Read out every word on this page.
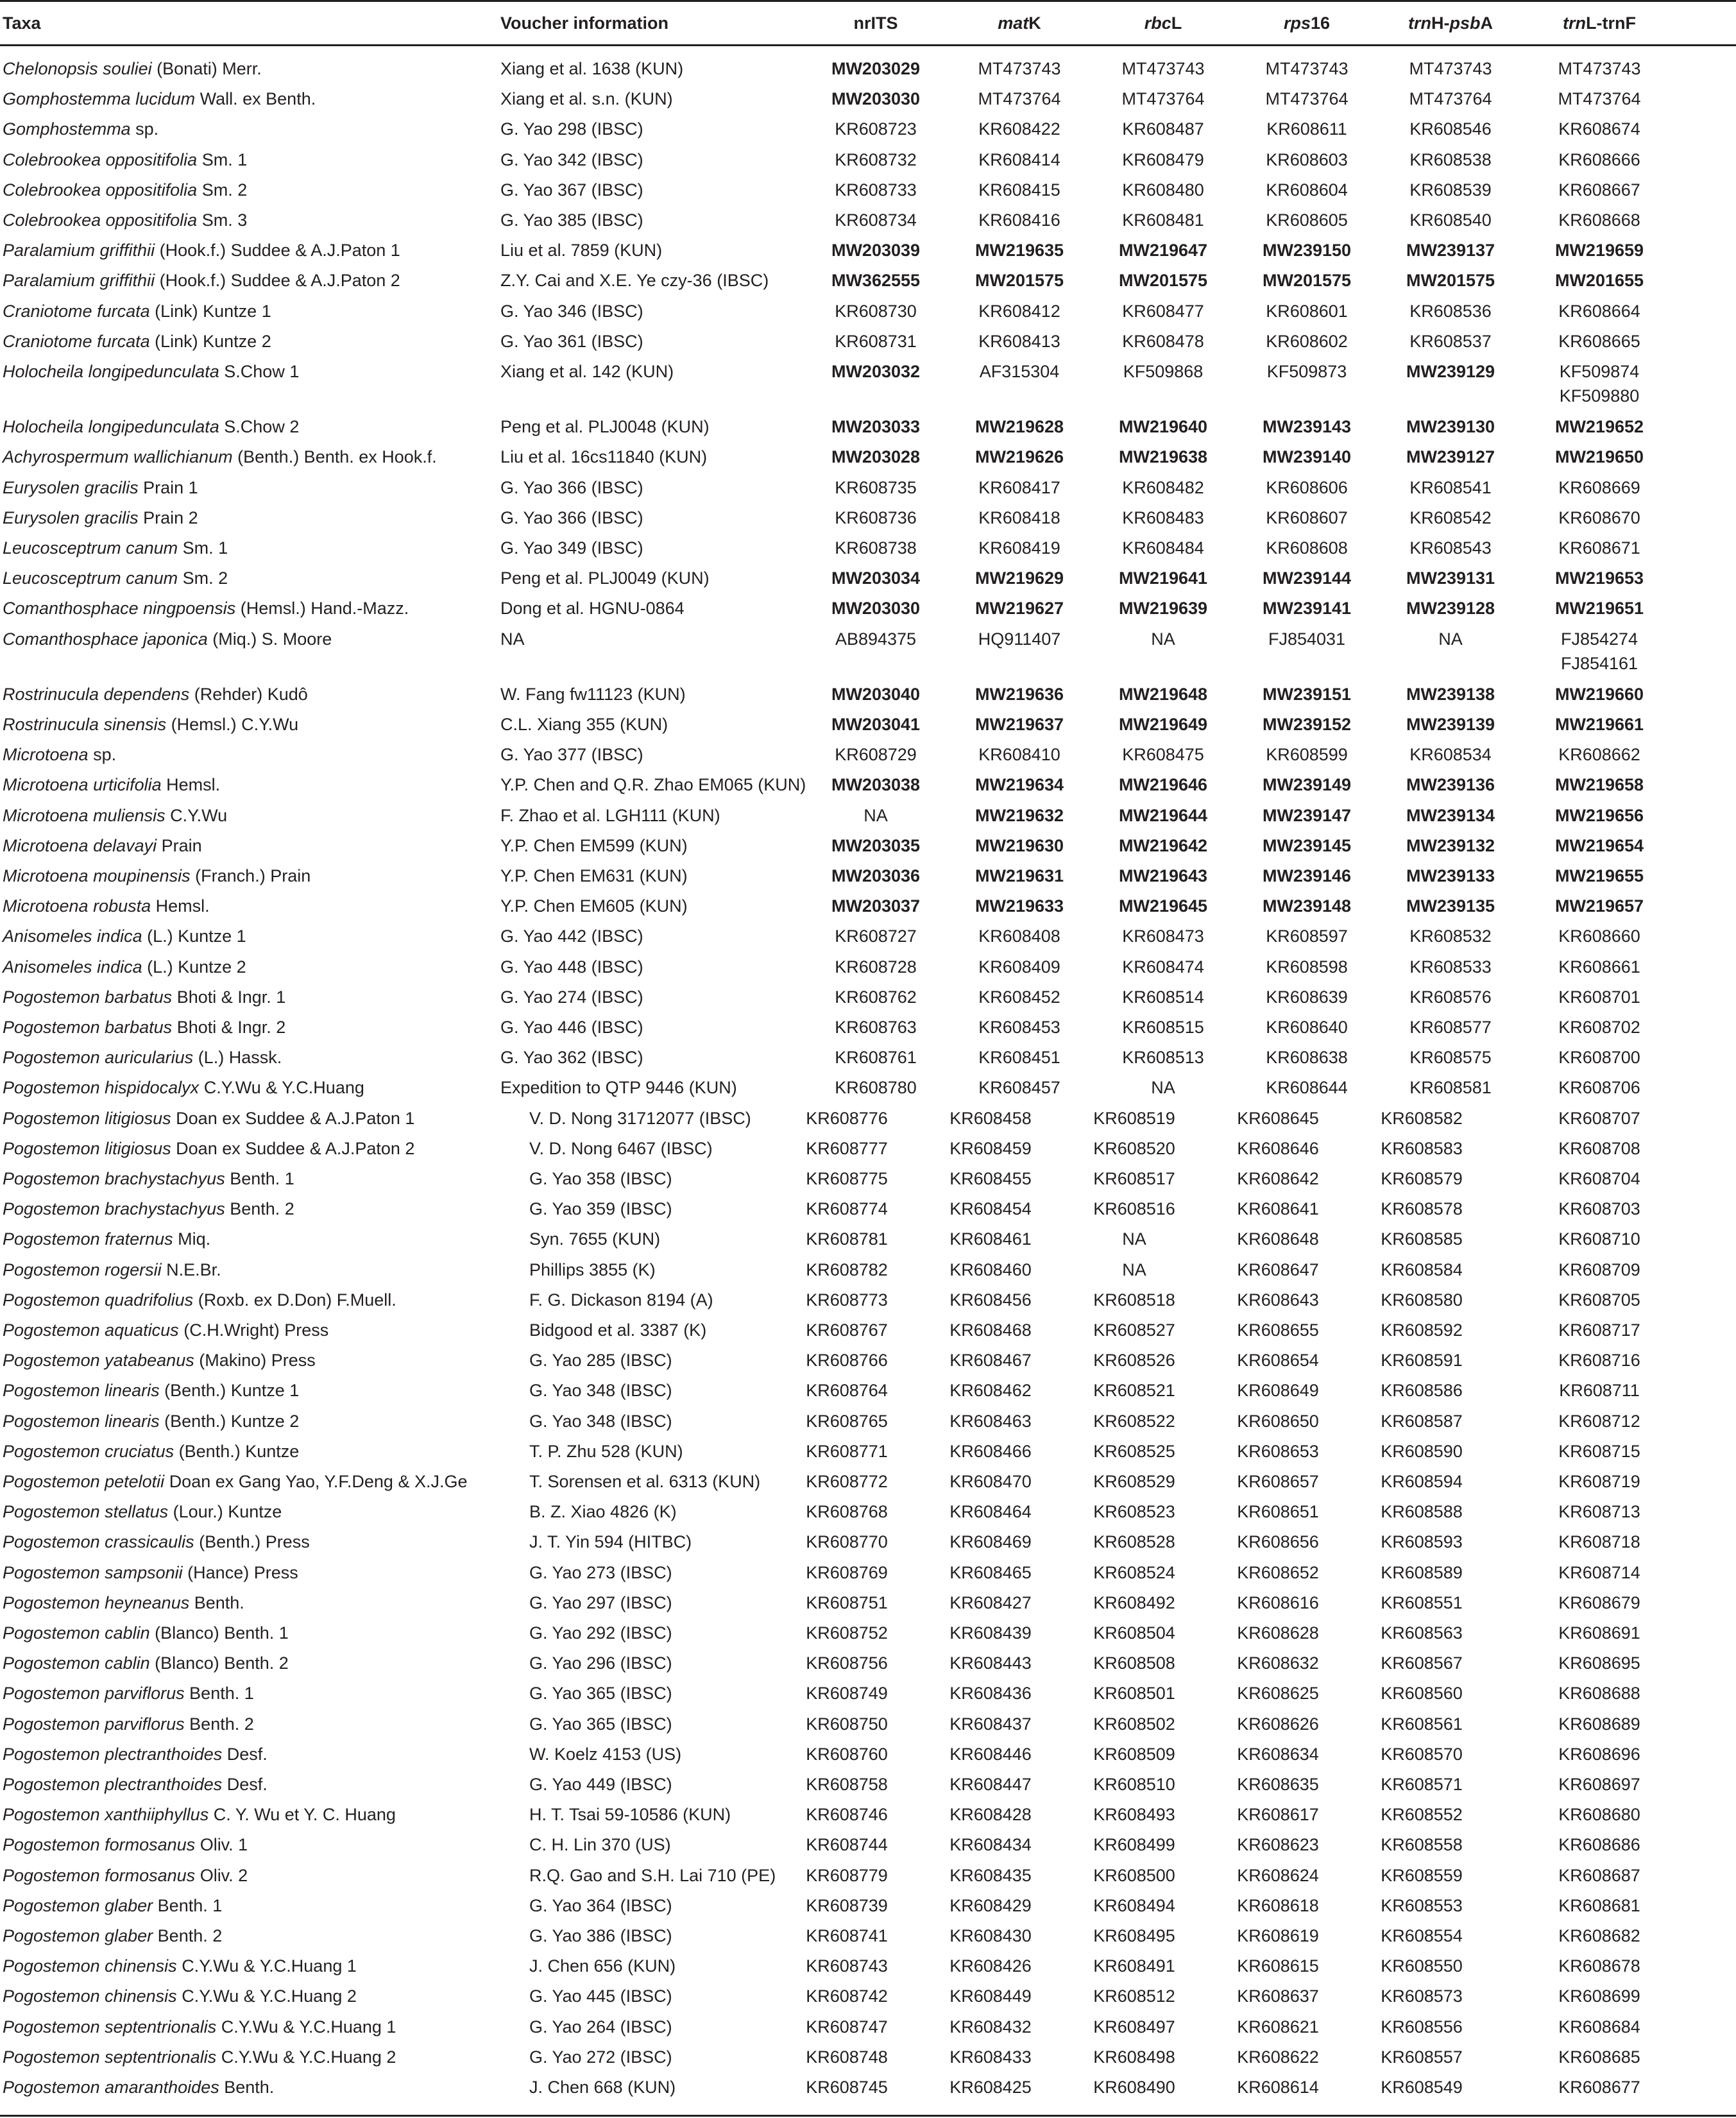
Taxa	Voucher information	nrITS	matK	rbcL	rps16	trnH-psbA	trnL-trnF
Chelonopsis souliei (Bonati) Merr.	Xiang et al. 1638 (KUN)	MW203029	MT473743	MT473743	MT473743	MT473743	MT473743
Gomphostemma lucidum Wall. ex Benth.	Xiang et al. s.n. (KUN)	MW203030	MT473764	MT473764	MT473764	MT473764	MT473764
Gomphostemma sp.	G. Yao 298 (IBSC)	KR608723	KR608422	KR608487	KR608611	KR608546	KR608674
Colebrookea oppositifolia Sm. 1	G. Yao 342 (IBSC)	KR608732	KR608414	KR608479	KR608603	KR608538	KR608666
Colebrookea oppositifolia Sm. 2	G. Yao 367 (IBSC)	KR608733	KR608415	KR608480	KR608604	KR608539	KR608667
Colebrookea oppositifolia Sm. 3	G. Yao 385 (IBSC)	KR608734	KR608416	KR608481	KR608605	KR608540	KR608668
Paralamium griffithii (Hook.f.) Suddee & A.J.Paton 1	Liu et al. 7859 (KUN)	MW203039	MW219635	MW219647	MW239150	MW239137	MW219659
Paralamium griffithii (Hook.f.) Suddee & A.J.Paton 2	Z.Y. Cai and X.E. Ye czy-36 (IBSC)	MW362555	MW201575	MW201575	MW201575	MW201575	MW201655
Craniotome furcata (Link) Kuntze 1	G. Yao 346 (IBSC)	KR608730	KR608412	KR608477	KR608601	KR608536	KR608664
Craniotome furcata (Link) Kuntze 2	G. Yao 361 (IBSC)	KR608731	KR608413	KR608478	KR608602	KR608537	KR608665
Holocheila longipedunculata S.Chow 1	Xiang et al. 142 (KUN)	MW203032	AF315304	KF509868	KF509873	MW239129	KF509874
KF509880
Holocheila longipedunculata S.Chow 2	Peng et al. PLJ0048 (KUN)	MW203033	MW219628	MW219640	MW239143	MW239130	MW219652
Achyrospermum wallichianum (Benth.) Benth. ex Hook.f.	Liu et al. 16cs11840 (KUN)	MW203028	MW219626	MW219638	MW239140	MW239127	MW219650
Eurysolen gracilis Prain 1	G. Yao 366 (IBSC)	KR608735	KR608417	KR608482	KR608606	KR608541	KR608669
Eurysolen gracilis Prain 2	G. Yao 366 (IBSC)	KR608736	KR608418	KR608483	KR608607	KR608542	KR608670
Leucosceptrum canum Sm. 1	G. Yao 349 (IBSC)	KR608738	KR608419	KR608484	KR608608	KR608543	KR608671
Leucosceptrum canum Sm. 2	Peng et al. PLJ0049 (KUN)	MW203034	MW219629	MW219641	MW239144	MW239131	MW219653
Comanthosphace ningpoensis (Hemsl.) Hand.-Mazz.	Dong et al. HGNU-0864	MW203030	MW219627	MW219639	MW239141	MW239128	MW219651
Comanthosphace japonica (Miq.) S. Moore	NA	AB894375	HQ911407	NA	FJ854031	NA	FJ854274
FJ854161
Rostrinucula dependens (Rehder) Kudô	W. Fang fw11123 (KUN)	MW203040	MW219636	MW219648	MW239151	MW239138	MW219660
Rostrinucula sinensis (Hemsl.) C.Y.Wu	C.L. Xiang 355 (KUN)	MW203041	MW219637	MW219649	MW239152	MW239139	MW219661
Microtoena sp.	G. Yao 377 (IBSC)	KR608729	KR608410	KR608475	KR608599	KR608534	KR608662
Microtoena urticifolia Hemsl.	Y.P. Chen and Q.R. Zhao EM065 (KUN)	MW203038	MW219634	MW219646	MW239149	MW239136	MW219658
Microtoena muliensis C.Y.Wu	F. Zhao et al. LGH111 (KUN)	NA	MW219632	MW219644	MW239147	MW239134	MW219656
Microtoena delavayi Prain	Y.P. Chen EM599 (KUN)	MW203035	MW219630	MW219642	MW239145	MW239132	MW219654
Microtoena moupinensis (Franch.) Prain	Y.P. Chen EM631 (KUN)	MW203036	MW219631	MW219643	MW239146	MW239133	MW219655
Microtoena robusta Hemsl.	Y.P. Chen EM605 (KUN)	MW203037	MW219633	MW219645	MW239148	MW239135	MW219657
Anisomeles indica (L.) Kuntze 1	G. Yao 442 (IBSC)	KR608727	KR608408	KR608473	KR608597	KR608532	KR608660
Anisomeles indica (L.) Kuntze 2	G. Yao 448 (IBSC)	KR608728	KR608409	KR608474	KR608598	KR608533	KR608661
Pogostemon barbatus Bhoti & Ingr. 1	G. Yao 274 (IBSC)	KR608762	KR608452	KR608514	KR608639	KR608576	KR608701
Pogostemon barbatus Bhoti & Ingr. 2	G. Yao 446 (IBSC)	KR608763	KR608453	KR608515	KR608640	KR608577	KR608702
Pogostemon auricularius (L.) Hassk.	G. Yao 362 (IBSC)	KR608761	KR608451	KR608513	KR608638	KR608575	KR608700
Pogostemon hispidocalyx C.Y.Wu & Y.C.Huang	Expedition to QTP 9446 (KUN)	KR608780	KR608457	NA	KR608644	KR608581	KR608706
Pogostemon litigiosus Doan ex Suddee & A.J.Paton 1	V. D. Nong 31712077 (IBSC)	KR608776	KR608458	KR608519	KR608645	KR608582	KR608707
Pogostemon litigiosus Doan ex Suddee & A.J.Paton 2	V. D. Nong 6467 (IBSC)	KR608777	KR608459	KR608520	KR608646	KR608583	KR608708
Pogostemon brachystachyus Benth. 1	G. Yao 358 (IBSC)	KR608775	KR608455	KR608517	KR608642	KR608579	KR608704
Pogostemon brachystachyus Benth. 2	G. Yao 359 (IBSC)	KR608774	KR608454	KR608516	KR608641	KR608578	KR608703
Pogostemon fraternus Miq.	Syn. 7655 (KUN)	KR608781	KR608461	NA	KR608648	KR608585	KR608710
Pogostemon rogersii N.E.Br.	Phillips 3855 (K)	KR608782	KR608460	NA	KR608647	KR608584	KR608709
Pogostemon quadrifolius (Roxb. ex D.Don) F.Muell.	F. G. Dickason 8194 (A)	KR608773	KR608456	KR608518	KR608643	KR608580	KR608705
Pogostemon aquaticus (C.H.Wright) Press	Bidgood et al. 3387 (K)	KR608767	KR608468	KR608527	KR608655	KR608592	KR608717
Pogostemon yatabeanus (Makino) Press	G. Yao 285 (IBSC)	KR608766	KR608467	KR608526	KR608654	KR608591	KR608716
Pogostemon linearis (Benth.) Kuntze 1	G. Yao 348 (IBSC)	KR608764	KR608462	KR608521	KR608649	KR608586	KR608711
Pogostemon linearis (Benth.) Kuntze 2	G. Yao 348 (IBSC)	KR608765	KR608463	KR608522	KR608650	KR608587	KR608712
Pogostemon cruciatus (Benth.) Kuntze	T. P. Zhu 528 (KUN)	KR608771	KR608466	KR608525	KR608653	KR608590	KR608715
Pogostemon petelotii Doan ex Gang Yao, Y.F.Deng & X.J.Ge	T. Sorensen et al. 6313 (KUN)	KR608772	KR608470	KR608529	KR608657	KR608594	KR608719
Pogostemon stellatus (Lour.) Kuntze	B. Z. Xiao 4826 (K)	KR608768	KR608464	KR608523	KR608651	KR608588	KR608713
Pogostemon crassicaulis (Benth.) Press	J. T. Yin 594 (HITBC)	KR608770	KR608469	KR608528	KR608656	KR608593	KR608718
Pogostemon sampsonii (Hance) Press	G. Yao 273 (IBSC)	KR608769	KR608465	KR608524	KR608652	KR608589	KR608714
Pogostemon heyneanus Benth.	G. Yao 297 (IBSC)	KR608751	KR608427	KR608492	KR608616	KR608551	KR608679
Pogostemon cablin (Blanco) Benth. 1	G. Yao 292 (IBSC)	KR608752	KR608439	KR608504	KR608628	KR608563	KR608691
Pogostemon cablin (Blanco) Benth. 2	G. Yao 296 (IBSC)	KR608756	KR608443	KR608508	KR608632	KR608567	KR608695
Pogostemon parviflorus Benth. 1	G. Yao 365 (IBSC)	KR608749	KR608436	KR608501	KR608625	KR608560	KR608688
Pogostemon parviflorus Benth. 2	G. Yao 365 (IBSC)	KR608750	KR608437	KR608502	KR608626	KR608561	KR608689
Pogostemon plectranthoides Desf.	W. Koelz 4153 (US)	KR608760	KR608446	KR608509	KR608634	KR608570	KR608696
Pogostemon plectranthoides Desf.	G. Yao 449 (IBSC)	KR608758	KR608447	KR608510	KR608635	KR608571	KR608697
Pogostemon xanthiiphyllus C. Y. Wu et Y. C. Huang	H. T. Tsai 59-10586 (KUN)	KR608746	KR608428	KR608493	KR608617	KR608552	KR608680
Pogostemon formosanus Oliv. 1	C. H. Lin 370 (US)	KR608744	KR608434	KR608499	KR608623	KR608558	KR608686
Pogostemon formosanus Oliv. 2	R.Q. Gao and S.H. Lai 710 (PE)	KR608779	KR608435	KR608500	KR608624	KR608559	KR608687
Pogostemon glaber Benth. 1	G. Yao 364 (IBSC)	KR608739	KR608429	KR608494	KR608618	KR608553	KR608681
Pogostemon glaber Benth. 2	G. Yao 386 (IBSC)	KR608741	KR608430	KR608495	KR608619	KR608554	KR608682
Pogostemon chinensis C.Y.Wu & Y.C.Huang 1	J. Chen 656 (KUN)	KR608743	KR608426	KR608491	KR608615	KR608550	KR608678
Pogostemon chinensis C.Y.Wu & Y.C.Huang 2	G. Yao 445 (IBSC)	KR608742	KR608449	KR608512	KR608637	KR608573	KR608699
Pogostemon septentrionalis C.Y.Wu & Y.C.Huang 1	G. Yao 264 (IBSC)	KR608747	KR608432	KR608497	KR608621	KR608556	KR608684
Pogostemon septentrionalis C.Y.Wu & Y.C.Huang 2	G. Yao 272 (IBSC)	KR608748	KR608433	KR608498	KR608622	KR608557	KR608685
Pogostemon amaranthoides Benth.	J. Chen 668 (KUN)	KR608745	KR608425	KR608490	KR608614	KR608549	KR608677
